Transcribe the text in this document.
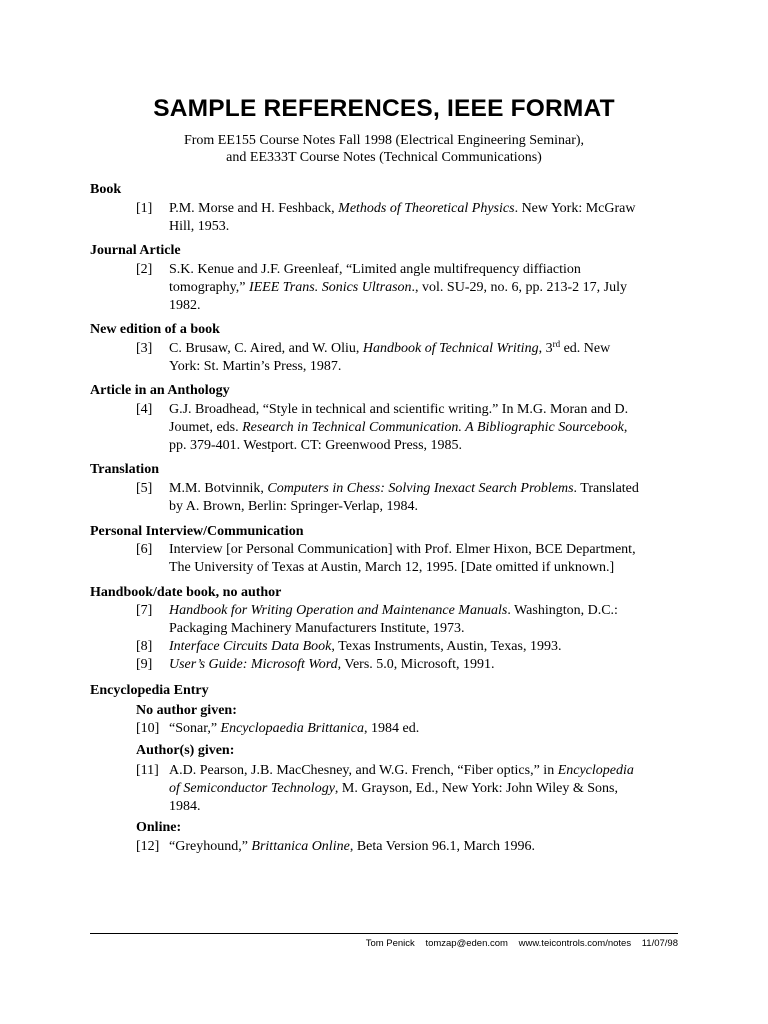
SAMPLE REFERENCES, IEEE FORMAT
From EE155 Course Notes Fall 1998 (Electrical Engineering Seminar),
and EE333T Course Notes (Technical Communications)
Book
[1] P.M. Morse and H. Feshback, Methods of Theoretical Physics. New York: McGraw
Hill, 1953.
Journal Article
[2] S.K. Kenue and J.F. Greenleaf, “Limited angle multifrequency diffiaction
tomography,” IEEE Trans. Sonics Ultrason., vol. SU-29, no. 6, pp. 213-2 17, July
1982.
New edition of a book
[3] C. Brusaw, C. Aired, and W. Oliu, Handbook of Technical Writing, 3rd ed. New
York: St. Martin’s Press, 1987.
Article in an Anthology
[4] G.J. Broadhead, “Style in technical and scientific writing.” In M.G. Moran and D.
Joumet, eds. Research in Technical Communication. A Bibliographic Sourcebook,
pp. 379-401. Westport. CT: Greenwood Press, 1985.
Translation
[5] M.M. Botvinnik, Computers in Chess: Solving Inexact Search Problems. Translated
by A. Brown, Berlin: Springer-Verlap, 1984.
Personal Interview/Communication
[6] Interview [or Personal Communication] with Prof. Elmer Hixon, BCE Department,
The University of Texas at Austin, March 12, 1995. [Date omitted if unknown.]
Handbook/date book, no author
[7] Handbook for Writing Operation and Maintenance Manuals. Washington, D.C.:
Packaging Machinery Manufacturers Institute, 1973.
[8] Interface Circuits Data Book, Texas Instruments, Austin, Texas, 1993.
[9] User’s Guide: Microsoft Word, Vers. 5.0, Microsoft, 1991.
Encyclopedia Entry
No author given:
[10] “Sonar,” Encyclopaedia Brittanica, 1984 ed.
Author(s) given:
[11] A.D. Pearson, J.B. MacChesney, and W.G. French, “Fiber optics,” in Encyclopedia
of Semiconductor Technology, M. Grayson, Ed., New York: John Wiley & Sons,
1984.
Online:
[12] “Greyhound,” Brittanica Online, Beta Version 96.1, March 1996.
Tom Penick tomzap@eden.com www.teicontrols.com/notes 11/07/98
